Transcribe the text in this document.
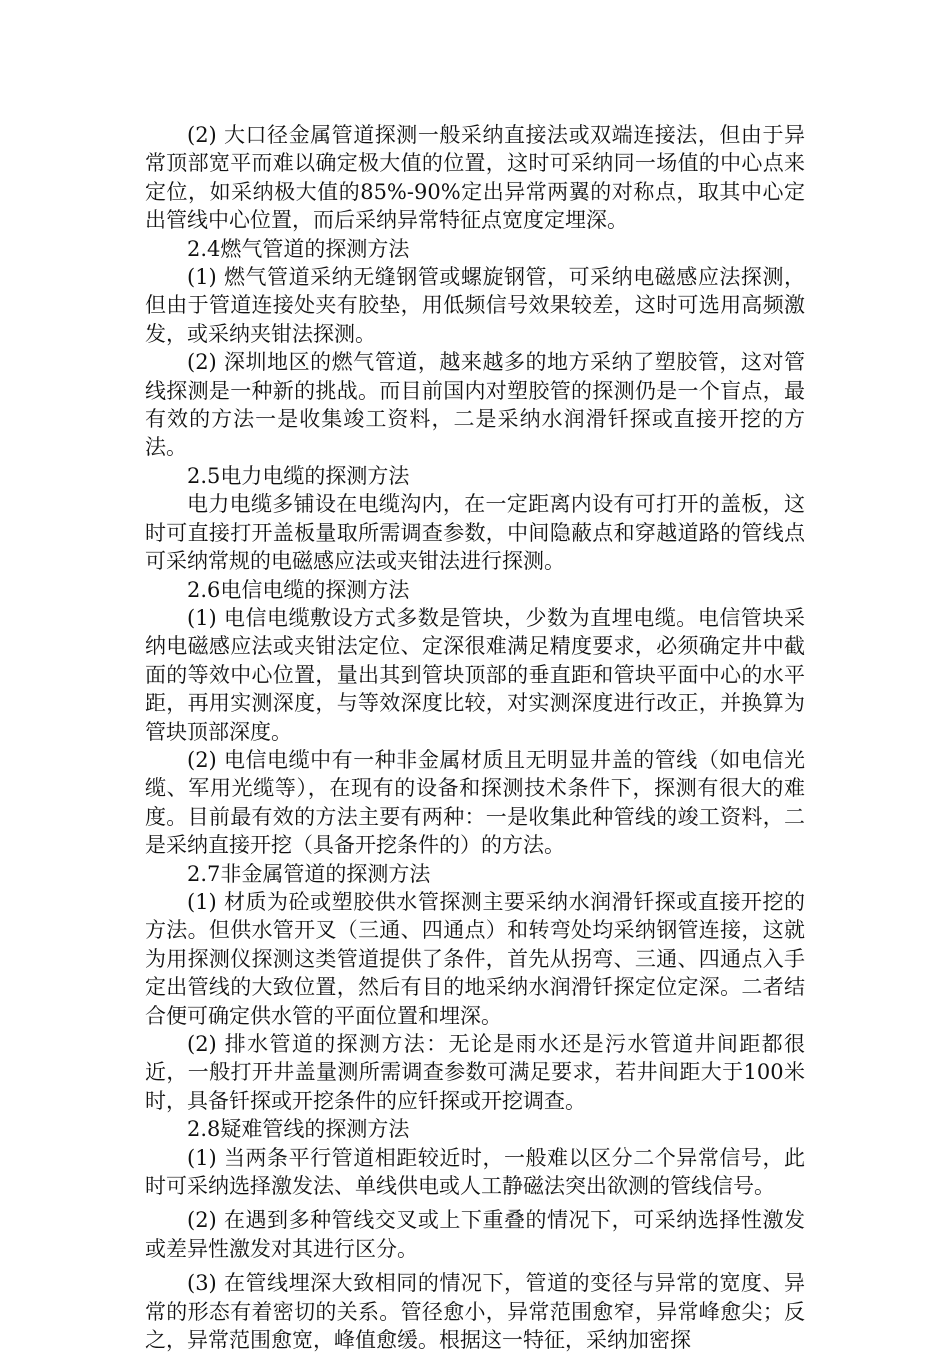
(2) 大口径金属管道探测一般采纳直接法或双端连接法，但由于异常顶部宽平而难以确定极大值的位置，这时可采纳同一场值的中心点来定位，如采纳极大值的85%-90%定出异常两翼的对称点，取其中心定出管线中心位置，而后采纳异常特征点宽度定埋深。

2.4燃气管道的探测方法

(1) 燃气管道采纳无缝钢管或螺旋钢管，可采纳电磁感应法探测，但由于管道连接处夹有胶垫，用低频信号效果较差，这时可选用高频激发，或采纳夹钳法探测。

(2) 深圳地区的燃气管道，越来越多的地方采纳了塑胶管，这对管线探测是一种新的挑战。而目前国内对塑胶管的探测仍是一个盲点，最有效的方法一是收集竣工资料，二是采纳水润滑钎探或直接开挖的方法。

2.5电力电缆的探测方法

电力电缆多铺设在电缆沟内，在一定距离内设有可打开的盖板，这时可直接打开盖板量取所需调查参数，中间隐蔽点和穿越道路的管线点可采纳常规的电磁感应法或夹钳法进行探测。

2.6电信电缆的探测方法

(1) 电信电缆敷设方式多数是管块，少数为直埋电缆。电信管块采纳电磁感应法或夹钳法定位、定深很难满足精度要求，必须确定井中截面的等效中心位置，量出其到管块顶部的垂直距和管块平面中心的水平距，再用实测深度，与等效深度比较，对实测深度进行改正，并换算为管块顶部深度。

(2) 电信电缆中有一种非金属材质且无明显井盖的管线（如电信光缆、军用光缆等），在现有的设备和探测技术条件下，探测有很大的难度。目前最有效的方法主要有两种：一是收集此种管线的竣工资料，二是采纳直接开挖（具备开挖条件的）的方法。

2.7非金属管道的探测方法

(1) 材质为砼或塑胶供水管探测主要采纳水润滑钎探或直接开挖的方法。但供水管开叉（三通、四通点）和转弯处均采纳钢管连接，这就为用探测仪探测这类管道提供了条件，首先从拐弯、三通、四通点入手定出管线的大致位置，然后有目的地采纳水润滑钎探定位定深。二者结合便可确定供水管的平面位置和埋深。

(2) 排水管道的探测方法：无论是雨水还是污水管道井间距都很近，一般打开井盖量测所需调查参数可满足要求，若井间距大于100米时，具备钎探或开挖条件的应钎探或开挖调查。

2.8疑难管线的探测方法

(1) 当两条平行管道相距较近时，一般难以区分二个异常信号，此时可采纳选择激发法、单线供电或人工静磁法突出欲测的管线信号。

(2) 在遇到多种管线交叉或上下重叠的情况下，可采纳选择性激发或差异性激发对其进行区分。

(3) 在管线埋深大致相同的情况下，管道的变径与异常的宽度、异常的形态有着密切的关系。管径愈小，异常范围愈窄，异常峰愈尖；反之，异常范围愈宽，峰值愈缓。根据这一特征，采纳加密探
